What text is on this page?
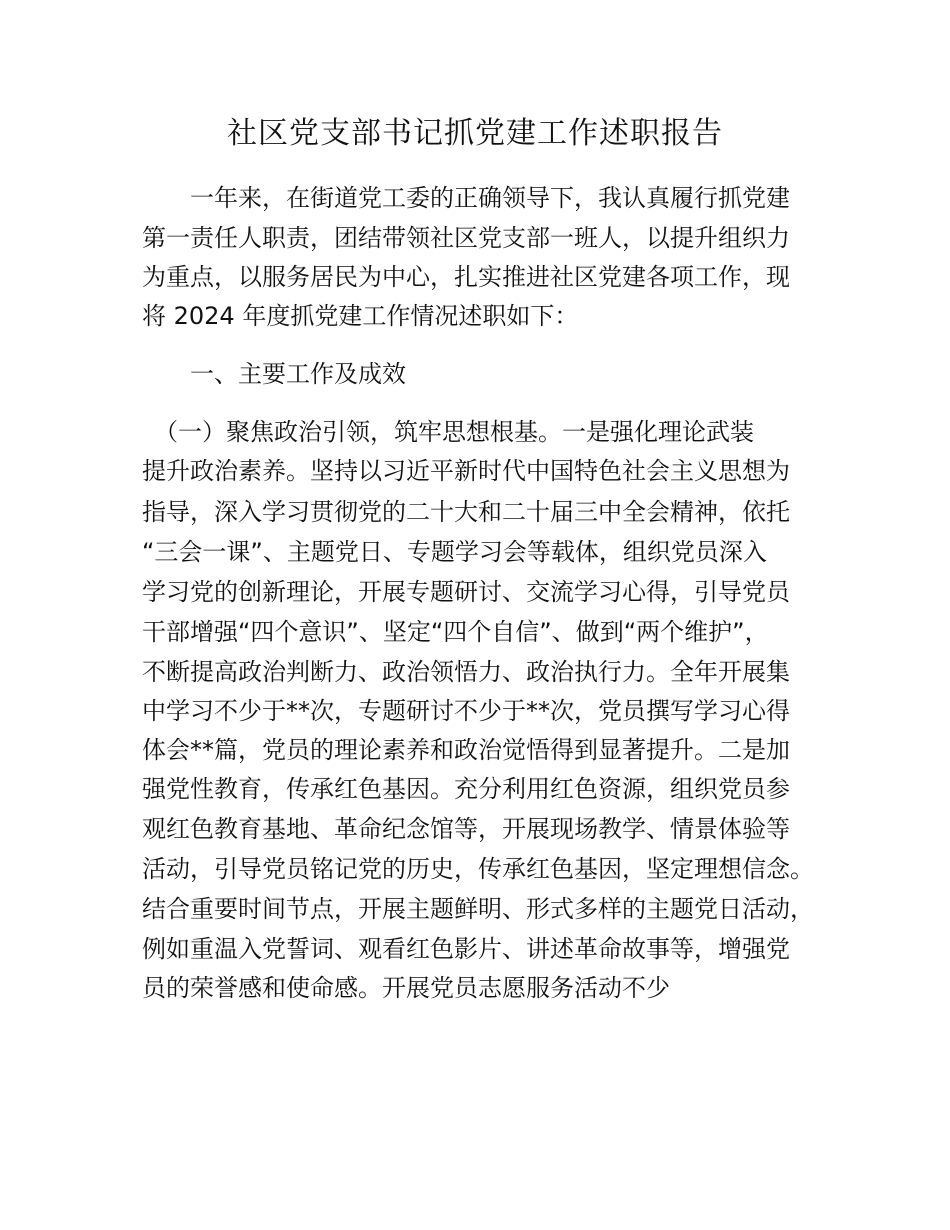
社区党支部书记抓党建工作述职报告
　　一年来，在街道党工委的正确领导下，我认真履行抓党建
第一责任人职责，团结带领社区党支部一班人，以提升组织力
为重点，以服务居民为中心，扎实推进社区党建各项工作，现
将 2024 年度抓党建工作情况述职如下：
　　一、主要工作及成效
　（一）聚焦政治引领，筑牢思想根基。一是强化理论武装
提升政治素养。坚持以习近平新时代中国特色社会主义思想为
指导，深入学习贯彻党的二十大和二十届三中全会精神，依托
“三会一课”、主题党日、专题学习会等载体，组织党员深入
学习党的创新理论，开展专题研讨、交流学习心得，引导党员
干部增强“四个意识”、坚定“四个自信”、做到“两个维护”，
不断提高政治判断力、政治领悟力、政治执行力。全年开展集
中学习不少于**次，专题研讨不少于**次，党员撰写学习心得
体会**篇，党员的理论素养和政治觉悟得到显著提升。二是加
强党性教育，传承红色基因。充分利用红色资源，组织党员参
观红色教育基地、革命纪念馆等，开展现场教学、情景体验等
活动，引导党员铭记党的历史，传承红色基因，坚定理想信念。
结合重要时间节点，开展主题鲜明、形式多样的主题党日活动，
例如重温入党誓词、观看红色影片、讲述革命故事等，增强党
员的荣誉感和使命感。开展党员志愿服务活动不少
